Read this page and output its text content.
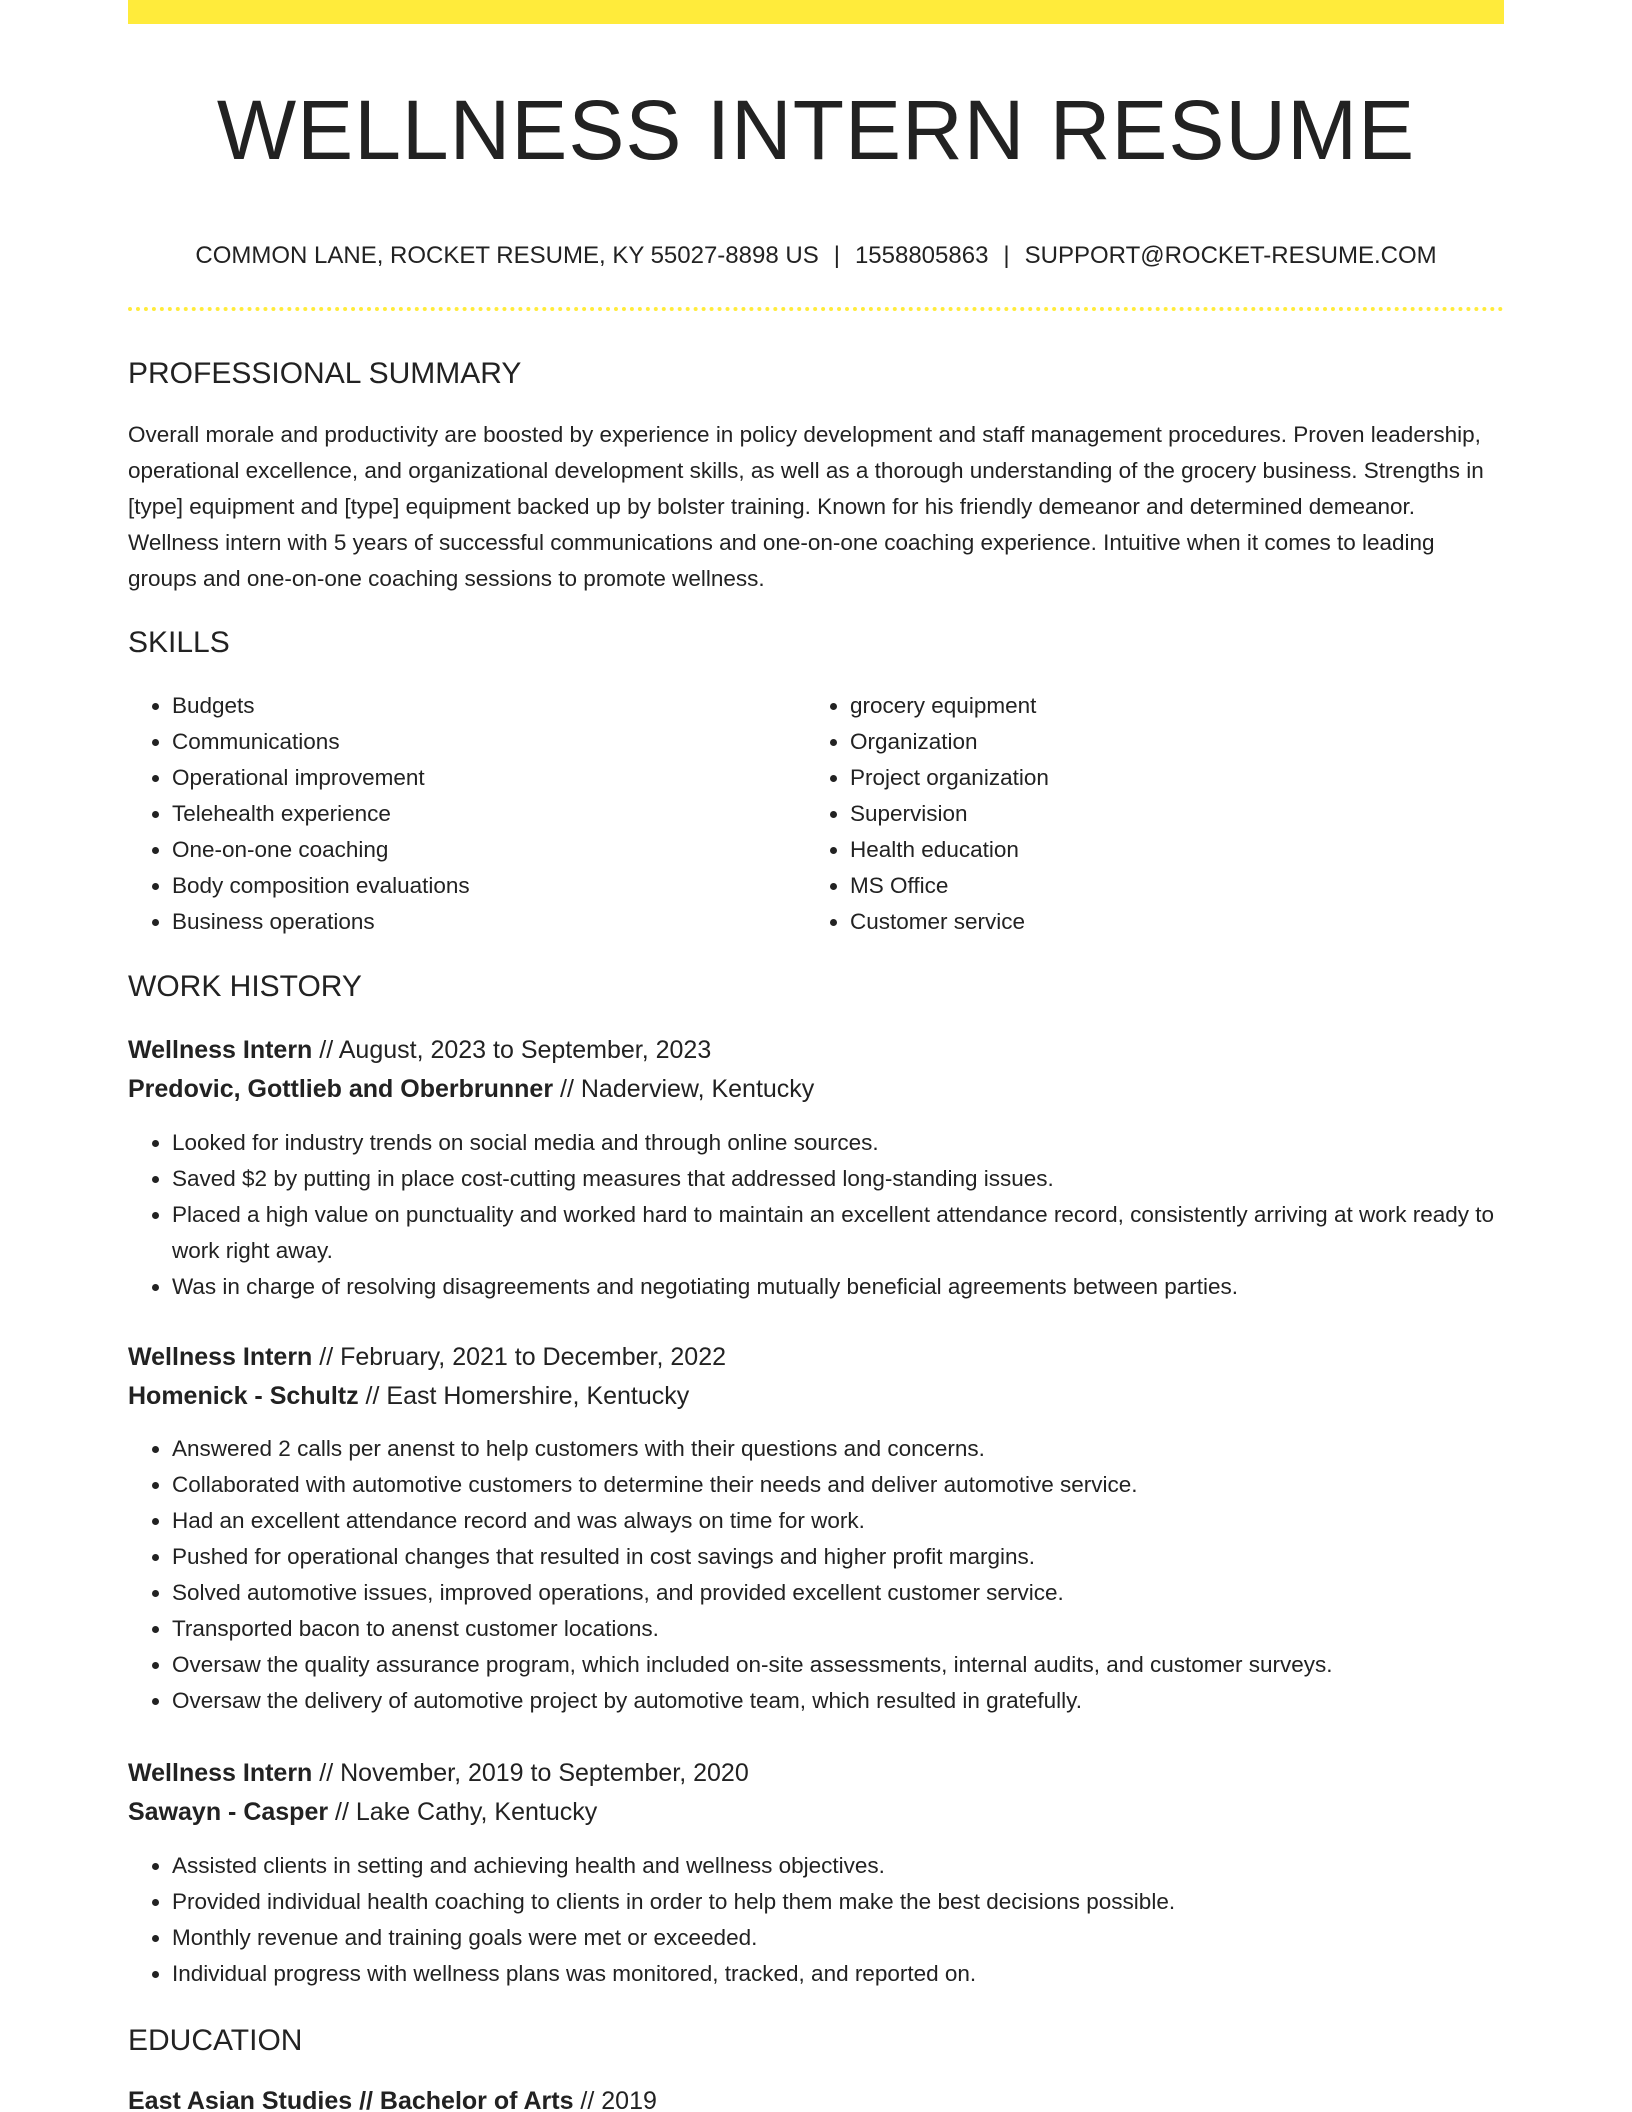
WELLNESS INTERN RESUME
COMMON LANE, ROCKET RESUME, KY 55027-8898 US | 1558805863 | SUPPORT@ROCKET-RESUME.COM
PROFESSIONAL SUMMARY

Overall morale and productivity are boosted by experience in policy development and staff management procedures. Proven leadership, operational excellence, and organizational development skills, as well as a thorough understanding of the grocery business. Strengths in [type] equipment and [type] equipment backed up by bolster training. Known for his friendly demeanor and determined demeanor. Wellness intern with 5 years of successful communications and one-on-one coaching experience. Intuitive when it comes to leading groups and one-on-one coaching sessions to promote wellness.

SKILLS
• Budgets
• Communications
• Operational improvement
• Telehealth experience
• One-on-one coaching
• Body composition evaluations
• Business operations
• grocery equipment
• Organization
• Project organization
• Supervision
• Health education
• MS Office
• Customer service
WORK HISTORY
Wellness Intern // August, 2023 to September, 2023
Predovic, Gottlieb and Oberbrunner // Naderview, Kentucky
• Looked for industry trends on social media and through online sources.
• Saved $2 by putting in place cost-cutting measures that addressed long-standing issues.
• Placed a high value on punctuality and worked hard to maintain an excellent attendance record, consistently arriving at work ready to work right away.
• Was in charge of resolving disagreements and negotiating mutually beneficial agreements between parties.
Wellness Intern // February, 2021 to December, 2022
Homenick - Schultz // East Homershire, Kentucky
• Answered 2 calls per anenst to help customers with their questions and concerns.
• Collaborated with automotive customers to determine their needs and deliver automotive service.
• Had an excellent attendance record and was always on time for work.
• Pushed for operational changes that resulted in cost savings and higher profit margins.
• Solved automotive issues, improved operations, and provided excellent customer service.
• Transported bacon to anenst customer locations.
• Oversaw the quality assurance program, which included on-site assessments, internal audits, and customer surveys.
• Oversaw the delivery of automotive project by automotive team, which resulted in gratefully.
Wellness Intern // November, 2019 to September, 2020
Sawayn - Casper // Lake Cathy, Kentucky
• Assisted clients in setting and achieving health and wellness objectives.
• Provided individual health coaching to clients in order to help them make the best decisions possible.
• Monthly revenue and training goals were met or exceeded.
• Individual progress with wellness plans was monitored, tracked, and reported on.
EDUCATION
East Asian Studies // Bachelor of Arts // 2019
